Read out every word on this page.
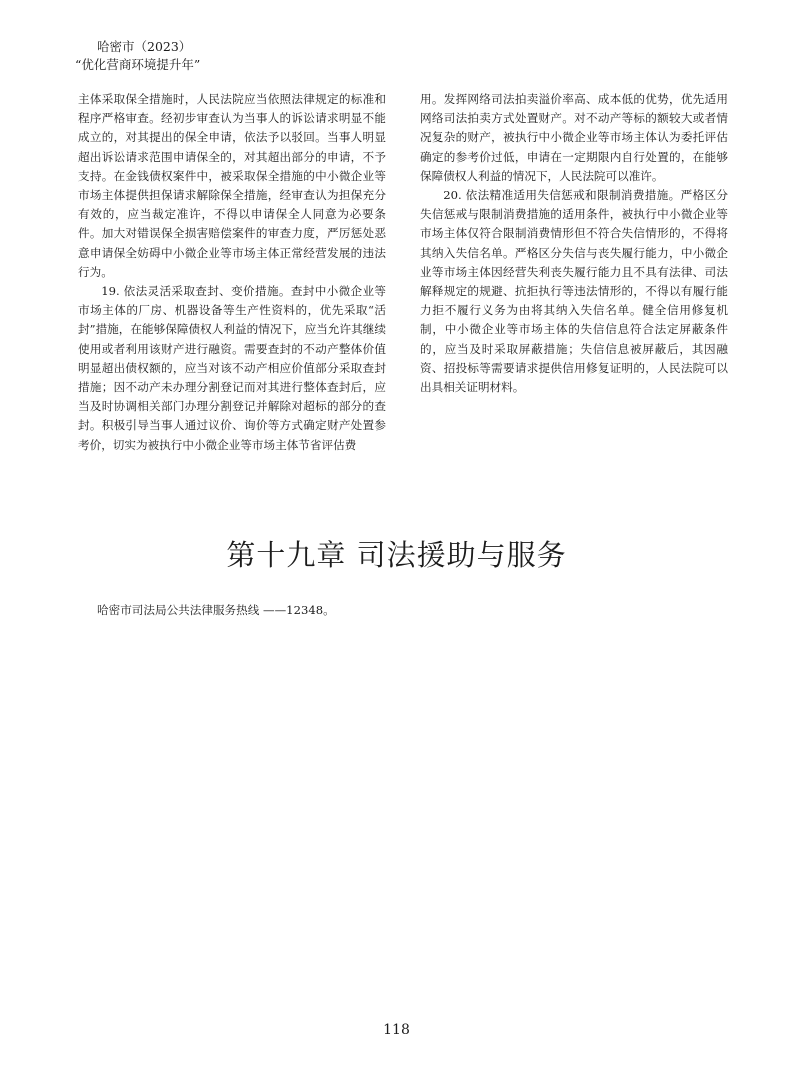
哈密市（2023）
“优化营商环境提升年”

主体采取保全措施时，人民法院应当依照法律规定的标准和程序严格审查。经初步审查认为当事人的诉讼请求明显不能成立的，对其提出的保全申请，依法予以驳回。当事人明显超出诉讼请求范围申请保全的，对其超出部分的申请，不予支持。在金钱债权案件中，被采取保全措施的中小微企业等市场主体提供担保请求解除保全措施，经审查认为担保充分有效的，应当裁定准许，不得以申请保全人同意为必要条件。加大对错误保全损害赔偿案件的审查力度，严厉惩处恶意申请保全妨碍中小微企业等市场主体正常经营发展的违法行为。

19. 依法灵活采取查封、变价措施。查封中小微企业等市场主体的厂房、机器设备等生产性资料的，优先采取“活封”措施，在能够保障债权人利益的情况下，应当允许其继续使用或者利用该财产进行融资。需要查封的不动产整体价值明显超出债权额的，应当对该不动产相应价值部分采取查封措施；因不动产未办理分割登记而对其进行整体查封后，应当及时协调相关部门办理分割登记并解除对超标的部分的查封。积极引导当事人通过议价、询价等方式确定财产处置参考价，切实为被执行中小微企业等市场主体节省评估费

用。发挥网络司法拍卖溢价率高、成本低的优势，优先适用网络司法拍卖方式处置财产。对不动产等标的额较大或者情况复杂的财产，被执行中小微企业等市场主体认为委托评估确定的参考价过低，申请在一定期限内自行处置的，在能够保障债权人利益的情况下，人民法院可以准许。

20. 依法精准适用失信惩戒和限制消费措施。严格区分失信惩戒与限制消费措施的适用条件，被执行中小微企业等市场主体仅符合限制消费情形但不符合失信情形的，不得将其纳入失信名单。严格区分失信与丧失履行能力，中小微企业等市场主体因经营失利丧失履行能力且不具有法律、司法解释规定的规避、抗拒执行等违法情形的，不得以有履行能力拒不履行义务为由将其纳入失信名单。健全信用修复机制，中小微企业等市场主体的失信信息符合法定屏蔽条件的，应当及时采取屏蔽措施；失信信息被屏蔽后，其因融资、招投标等需要请求提供信用修复证明的，人民法院可以出具相关证明材料。

第十九章 司法援助与服务
哈密市司法局公共法律服务热线 ——12348。
118
